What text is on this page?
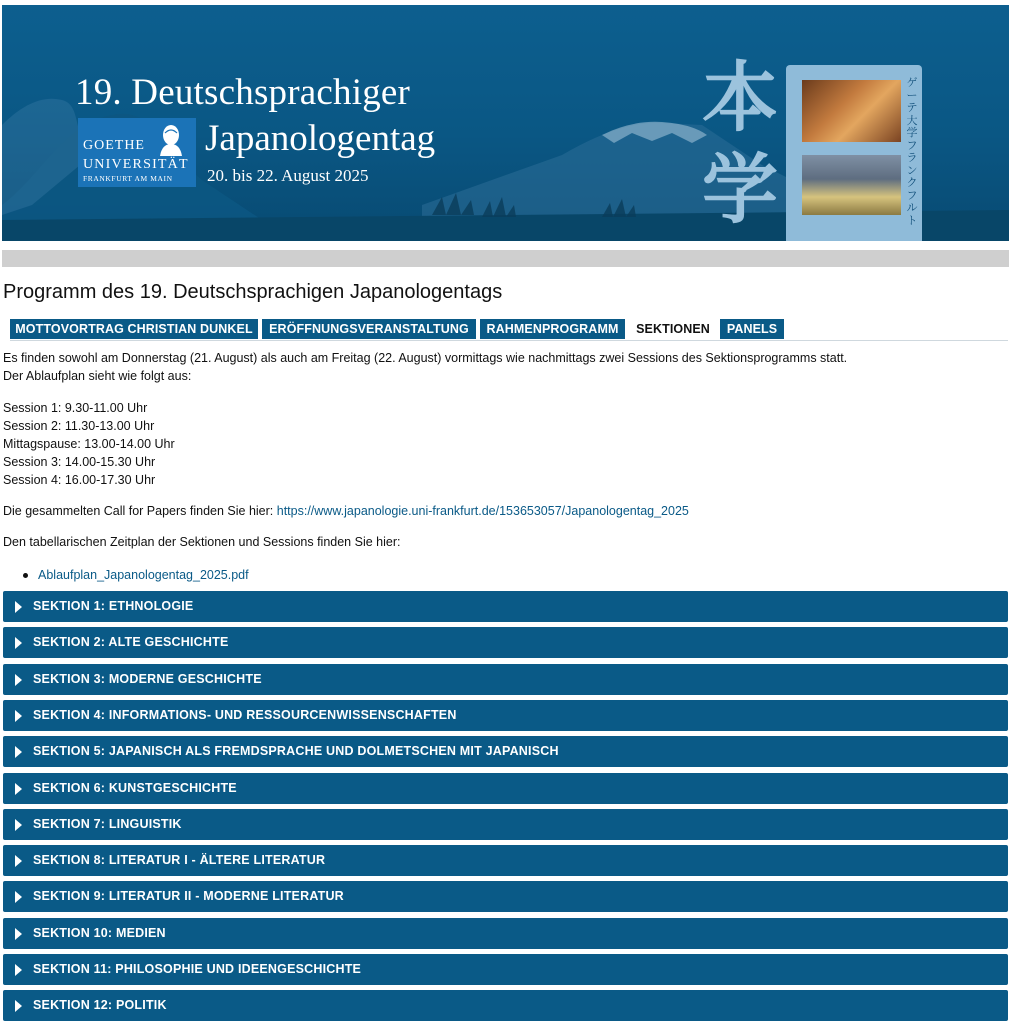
19. Deutschsprachiger
Japanologentag
20. bis 22. August 2025
GOETHE
UNIVERSITÄT
FRANKFURT AM MAIN
本
学
ゲ
ー
テ
大
学
フ
ラ
ン
ク
フ
ル
ト
Programm des 19. Deutschsprachigen Japanologentags
MOTTOVORTRAG CHRISTIAN DUNKEL	ERÖFFNUNGSVERANSTALTUNG	RAHMENPROGRAMM	SEKTIONEN	PANELS

Es finden sowohl am Donnerstag (21. August) als auch am Freitag (22. August) vormittags wie nachmittags zwei Sessions des Sektionsprogramms statt.
Der Ablaufplan sieht wie folgt aus:

Session 1: 9.30-11.00 Uhr
Session 2: 11.30-13.00 Uhr
Mittagspause: 13.00-14.00 Uhr
Session 3: 14.00-15.30 Uhr
Session 4: 16.00-17.30 Uhr

Die gesammelten Call for Papers finden Sie hier: https://www.japanologie.uni-frankfurt.de/153653057/Japanologentag_2025

Den tabellarischen Zeitplan der Sektionen und Sessions finden Sie hier:

Ablaufplan_Japanologentag_2025.pdf
SEKTION 1: ETHNOLOGIE
SEKTION 2: ALTE GESCHICHTE
SEKTION 3: MODERNE GESCHICHTE
SEKTION 4: INFORMATIONS- UND RESSOURCENWISSENSCHAFTEN
SEKTION 5: JAPANISCH ALS FREMDSPRACHE UND DOLMETSCHEN MIT JAPANISCH
SEKTION 6: KUNSTGESCHICHTE
SEKTION 7: LINGUISTIK
SEKTION 8: LITERATUR I - ÄLTERE LITERATUR
SEKTION 9: LITERATUR II - MODERNE LITERATUR
SEKTION 10: MEDIEN
SEKTION 11: PHILOSOPHIE UND IDEENGESCHICHTE
SEKTION 12: POLITIK
